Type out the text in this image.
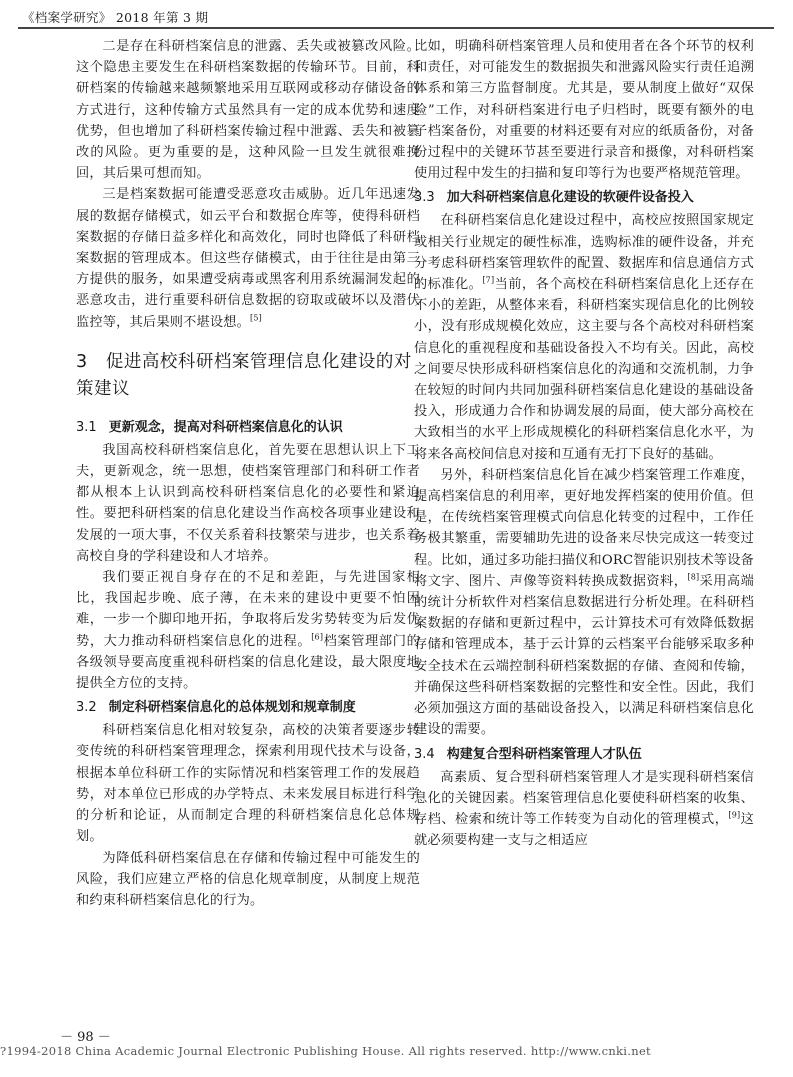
《档案学研究》 2018 年第 3 期

二是存在科研档案信息的泄露、丢失或被篡改风险。这个隐患主要发生在科研档案数据的传输环节。目前，科研档案的传输越来越频繁地采用互联网或移动存储设备的方式进行，这种传输方式虽然具有一定的成本优势和速度优势，但也增加了科研档案传输过程中泄露、丢失和被篡改的风险。更为重要的是，这种风险一旦发生就很难挽回，其后果可想而知。

三是档案数据可能遭受恶意攻击威胁。近几年迅速发展的数据存储模式，如云平台和数据仓库等，使得科研档案数据的存储日益多样化和高效化，同时也降低了科研档案数据的管理成本。但这些存储模式，由于往往是由第三方提供的服务，如果遭受病毒或黑客利用系统漏洞发起的恶意攻击，进行重要科研信息数据的窃取或破坏以及潜伏监控等，其后果则不堪设想。[5]

3 促进高校科研档案管理信息化建设的对策建议
3.1 更新观念，提高对科研档案信息化的认识

我国高校科研档案信息化，首先要在思想认识上下工夫，更新观念，统一思想，使档案管理部门和科研工作者都从根本上认识到高校科研档案信息化的必要性和紧迫性。要把科研档案的信息化建设当作高校各项事业建设和发展的一项大事，不仅关系着科技繁荣与进步，也关系着高校自身的学科建设和人才培养。

我们要正视自身存在的不足和差距，与先进国家相比，我国起步晚、底子薄，在未来的建设中更要不怕困难，一步一个脚印地开拓，争取将后发劣势转变为后发优势，大力推动科研档案信息化的进程。[6]档案管理部门的各级领导要高度重视科研档案的信息化建设，最大限度地提供全方位的支持。

3.2 制定科研档案信息化的总体规划和规章制度

科研档案信息化相对较复杂，高校的决策者要逐步转变传统的科研档案管理理念，探索利用现代技术与设备，根据本单位科研工作的实际情况和档案管理工作的发展趋势，对本单位已形成的办学特点、未来发展目标进行科学的分析和论证，从而制定合理的科研档案信息化总体规划。

为降低科研档案信息在存储和传输过程中可能发生的风险，我们应建立严格的信息化规章制度，从制度上规范和约束科研档案信息化的行为。

比如，明确科研档案管理人员和使用者在各个环节的权利和责任，对可能发生的数据损失和泄露风险实行责任追溯体系和第三方监督制度。尤其是，要从制度上做好“双保险”工作，对科研档案进行电子归档时，既要有额外的电子档案备份，对重要的材料还要有对应的纸质备份，对备份过程中的关键环节甚至要进行录音和摄像，对科研档案使用过程中发生的扫描和复印等行为也要严格规范管理。

3.3 加大科研档案信息化建设的软硬件设备投入

在科研档案信息化建设过程中，高校应按照国家规定或相关行业规定的硬性标准，选购标准的硬件设备，并充分考虑科研档案管理软件的配置、数据库和信息通信方式的标准化。[7]当前，各个高校在科研档案信息化上还存在不小的差距，从整体来看，科研档案实现信息化的比例较小，没有形成规模化效应，这主要与各个高校对科研档案信息化的重视程度和基础设备投入不均有关。因此，高校之间要尽快形成科研档案信息化的沟通和交流机制，力争在较短的时间内共同加强科研档案信息化建设的基础设备投入，形成通力合作和协调发展的局面，使大部分高校在大致相当的水平上形成规模化的科研档案信息化水平，为将来各高校间信息对接和互通有无打下良好的基础。

另外，科研档案信息化旨在减少档案管理工作难度，提高档案信息的利用率，更好地发挥档案的使用价值。但是，在传统档案管理模式向信息化转变的过程中，工作任务极其繁重，需要辅助先进的设备来尽快完成这一转变过程。比如，通过多功能扫描仪和ORC智能识别技术等设备将文字、图片、声像等资料转换成数据资料，[8]采用高端的统计分析软件对档案信息数据进行分析处理。在科研档案数据的存储和更新过程中，云计算技术可有效降低数据存储和管理成本，基于云计算的云档案平台能够采取多种安全技术在云端控制科研档案数据的存储、查阅和传输，并确保这些科研档案数据的完整性和安全性。因此，我们必须加强这方面的基础设备投入，以满足科研档案信息化建设的需要。

3.4 构建复合型科研档案管理人才队伍

高素质、复合型科研档案管理人才是实现科研档案信息化的关键因素。档案管理信息化要使科研档案的收集、存档、检索和统计等工作转变为自动化的管理模式，[9]这就必须要构建一支与之相适应

－ 98 －
?1994-2018 China Academic Journal Electronic Publishing House. All rights reserved. http://www.cnki.net
